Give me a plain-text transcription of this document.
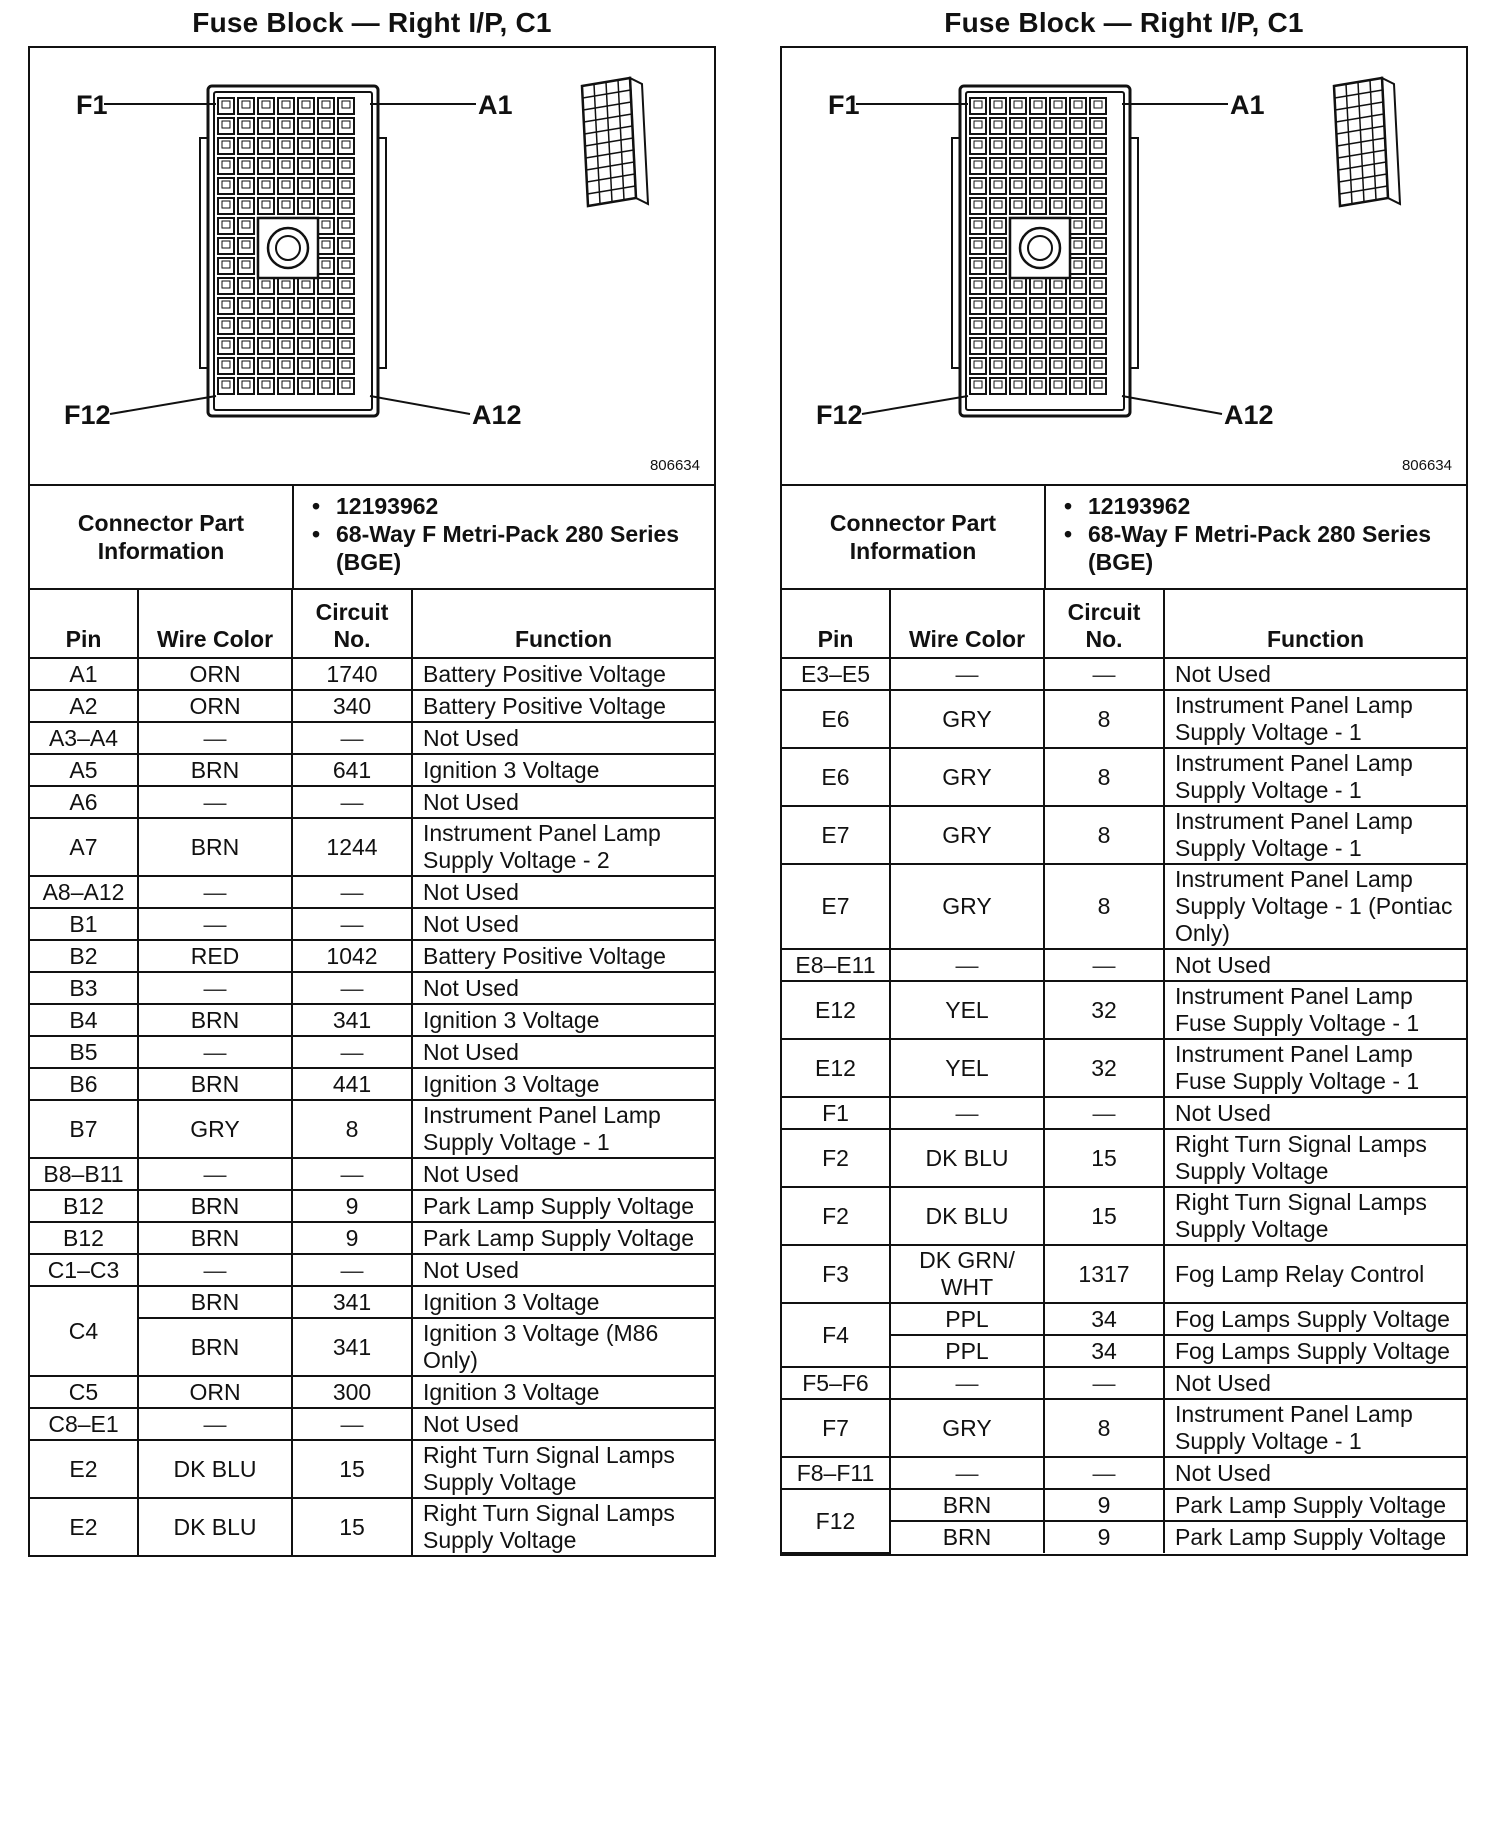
Fuse Block — Right I/P, C1
F1	A1
F12	A12
806634
Connector Part Information
• 12193962
• 68-Way F Metri-Pack 280 Series (BGE)
Pin	Wire Color	Circuit No.	Function
A1	ORN	1740	Battery Positive Voltage
A2	ORN	340	Battery Positive Voltage
A3–A4	—	—	Not Used
A5	BRN	641	Ignition 3 Voltage
A6	—	—	Not Used
A7	BRN	1244	Instrument Panel Lamp Supply Voltage - 2
A8–A12	—	—	Not Used
B1	—	—	Not Used
B2	RED	1042	Battery Positive Voltage
B3	—	—	Not Used
B4	BRN	341	Ignition 3 Voltage
B5	—	—	Not Used
B6	BRN	441	Ignition 3 Voltage
B7	GRY	8	Instrument Panel Lamp Supply Voltage - 1
B8–B11	—	—	Not Used
B12	BRN	9	Park Lamp Supply Voltage
B12	BRN	9	Park Lamp Supply Voltage
C1–C3	—	—	Not Used
C4	BRN	341	Ignition 3 Voltage
	BRN	341	Ignition 3 Voltage (M86 Only)
C5	ORN	300	Ignition 3 Voltage
C8–E1	—	—	Not Used
E2	DK BLU	15	Right Turn Signal Lamps Supply Voltage
E2	DK BLU	15	Right Turn Signal Lamps Supply Voltage
Fuse Block — Right I/P, C1
F1	A1
F12	A12
806634
Connector Part Information
• 12193962
• 68-Way F Metri-Pack 280 Series (BGE)
Pin	Wire Color	Circuit No.	Function
E3–E5	—	—	Not Used
E6	GRY	8	Instrument Panel Lamp Supply Voltage - 1
E6	GRY	8	Instrument Panel Lamp Supply Voltage - 1
E7	GRY	8	Instrument Panel Lamp Supply Voltage - 1
E7	GRY	8	Instrument Panel Lamp Supply Voltage - 1 (Pontiac Only)
E8–E11	—	—	Not Used
E12	YEL	32	Instrument Panel Lamp Fuse Supply Voltage - 1
E12	YEL	32	Instrument Panel Lamp Fuse Supply Voltage - 1
F1	—	—	Not Used
F2	DK BLU	15	Right Turn Signal Lamps Supply Voltage
F2	DK BLU	15	Right Turn Signal Lamps Supply Voltage
F3	DK GRN/ WHT	1317	Fog Lamp Relay Control
F4	PPL	34	Fog Lamps Supply Voltage
	PPL	34	Fog Lamps Supply Voltage
F5–F6	—	—	Not Used
F7	GRY	8	Instrument Panel Lamp Supply Voltage - 1
F8–F11	—	—	Not Used
F12	BRN	9	Park Lamp Supply Voltage
	BRN	9	Park Lamp Supply Voltage
